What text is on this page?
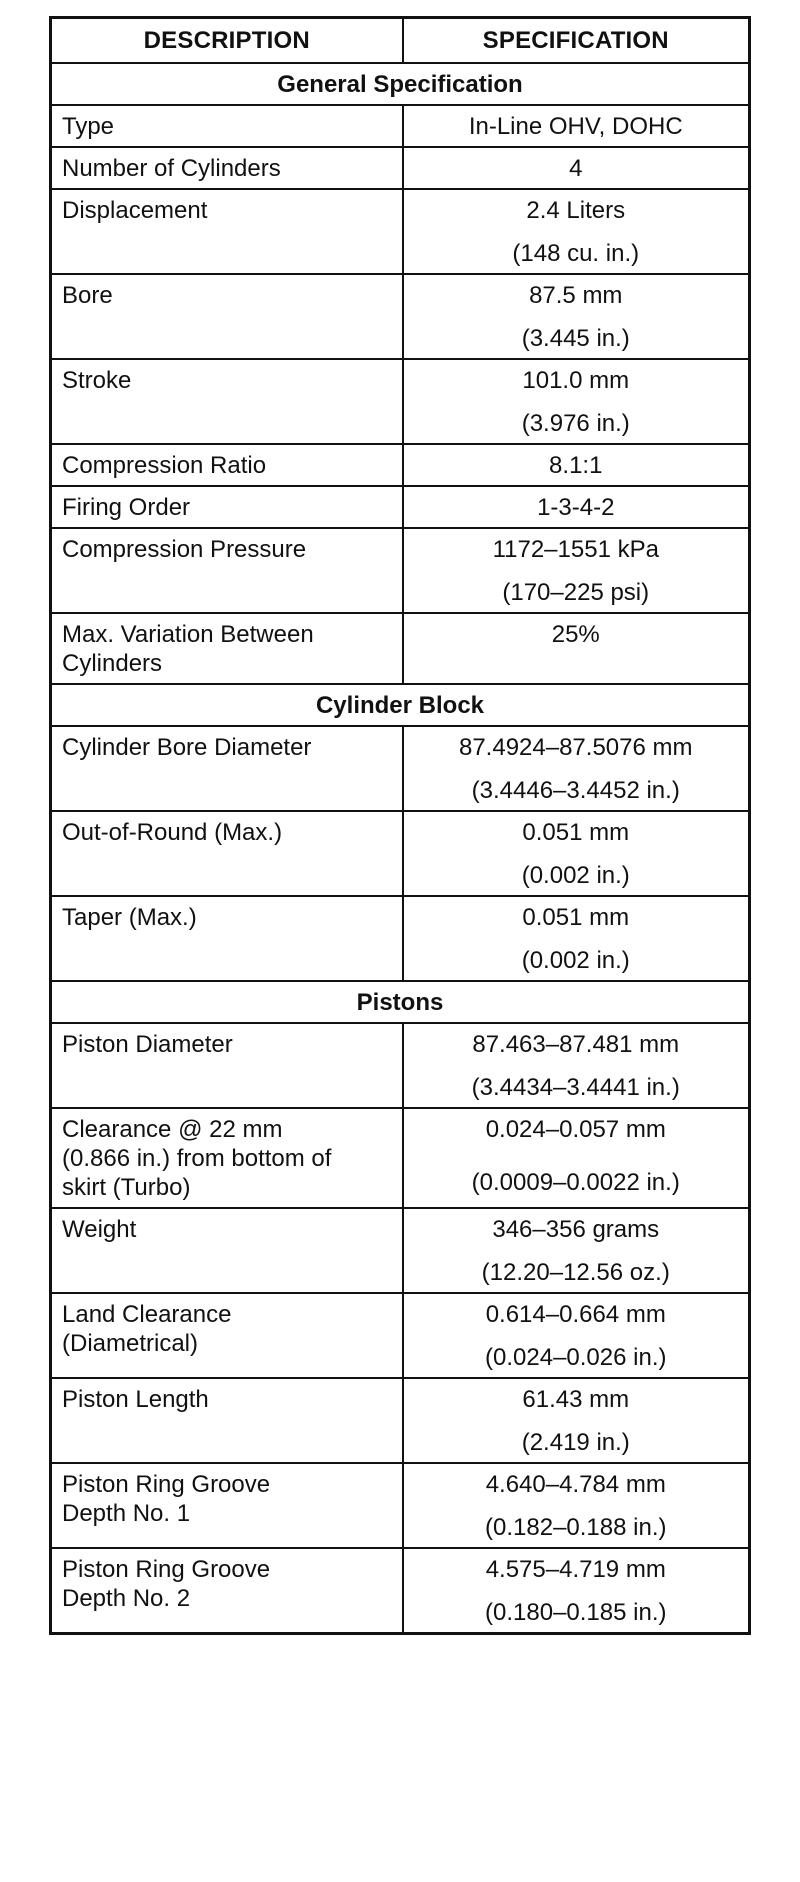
DESCRIPTION	SPECIFICATION
General Specification	

Type	In-Line OHV, DOHC

Number of Cylinders	4

Displacement	2.4 Liters
(148 cu. in.)

Bore	87.5 mm
(3.445 in.)

Stroke	101.0 mm
(3.976 in.)

Compression Ratio	8.1:1

Firing Order	1-3-4-2

Compression Pressure	1172–1551 kPa
(170–225 psi)

Max. Variation Between
Cylinders	25%

Cylinder Block	

Cylinder Bore Diameter	87.4924–87.5076 mm
(3.4446–3.4452 in.)

Out-of-Round (Max.)	0.051 mm
(0.002 in.)

Taper (Max.)	0.051 mm
(0.002 in.)

Pistons	

Piston Diameter	87.463–87.481 mm
(3.4434–3.4441 in.)

Clearance @ 22 mm
(0.866 in.) from bottom of
skirt (Turbo)	0.024–0.057 mm
(0.0009–0.0022 in.)

Weight	346–356 grams
(12.20–12.56 oz.)

Land Clearance
(Diametrical)	0.614–0.664 mm
(0.024–0.026 in.)

Piston Length	61.43 mm
(2.419 in.)

Piston Ring Groove
Depth No. 1	4.640–4.784 mm
(0.182–0.188 in.)

Piston Ring Groove
Depth No. 2	4.575–4.719 mm
(0.180–0.185 in.)
